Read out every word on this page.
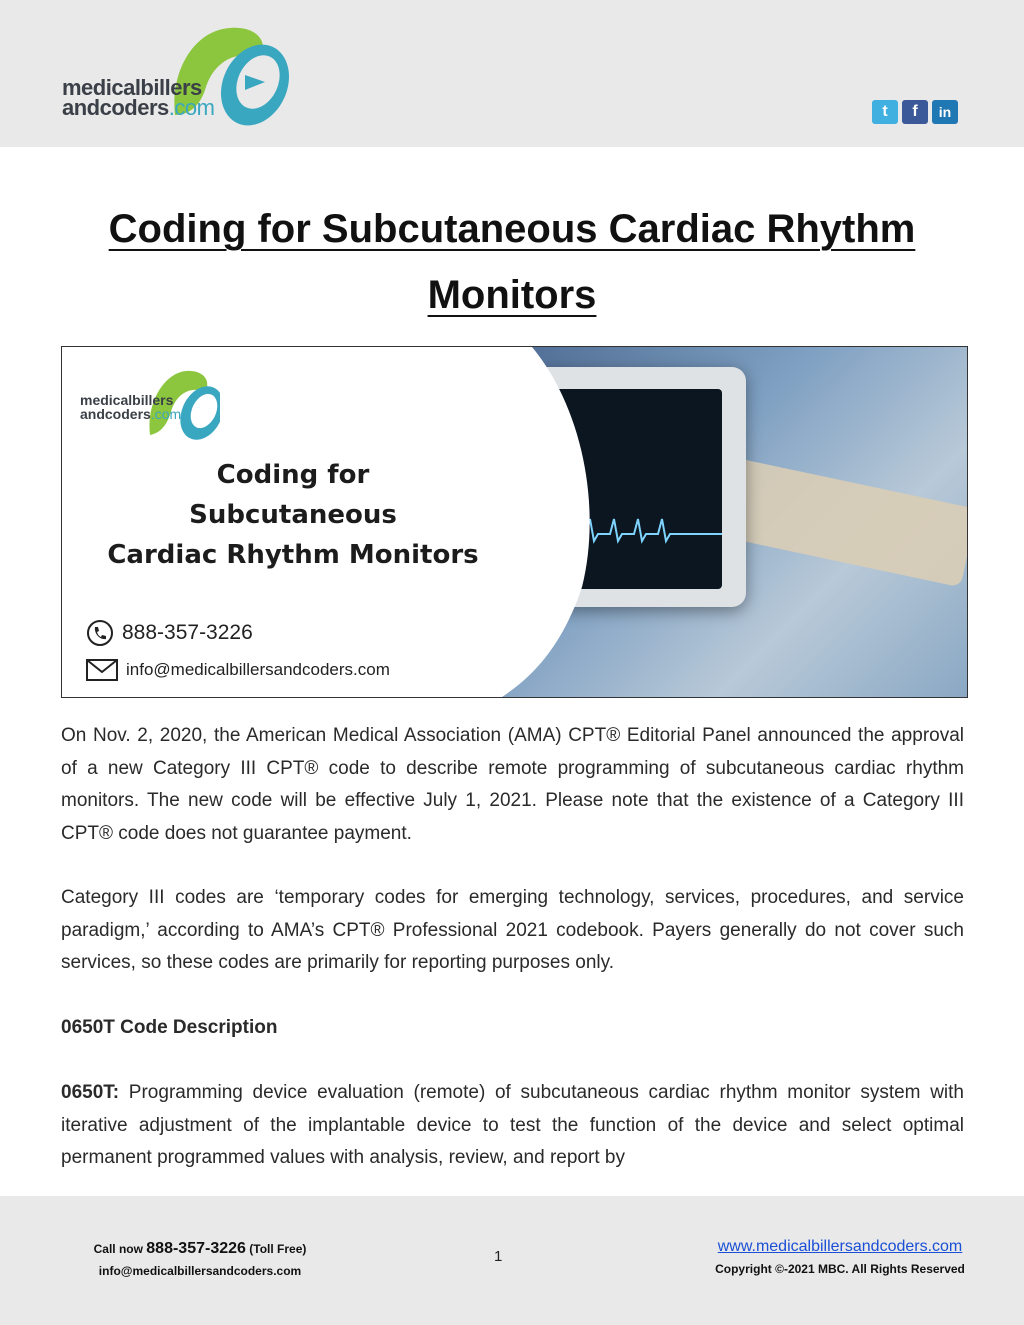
medicalbillers
andcoders.com	t	f	in
Coding for Subcutaneous Cardiac Rhythm Monitors
medicalbillers
andcoders.com
Coding for
Subcutaneous
Cardiac Rhythm Monitors
888-357-3226
info@medicalbillersandcoders.com

On Nov. 2, 2020, the American Medical Association (AMA) CPT® Editorial Panel announced the approval of a new Category III CPT® code to describe remote programming of subcutaneous cardiac rhythm monitors. The new code will be effective July 1, 2021. Please note that the existence of a Category III CPT® code does not guarantee payment.

Category III codes are ‘temporary codes for emerging technology, services, procedures, and service paradigm,’ according to AMA’s CPT® Professional 2021 codebook. Payers generally do not cover such services, so these codes are primarily for reporting purposes only.

0650T Code Description

0650T: Programming device evaluation (remote) of subcutaneous cardiac rhythm monitor system with iterative adjustment of the implantable device to test the function of the device and select optimal permanent programmed values with analysis, review, and report by

Call now 888-357-3226 (Toll Free)
info@medicalbillersandcoders.com
1
www.medicalbillersandcoders.com
Copyright ©-2021 MBC. All Rights Reserved
